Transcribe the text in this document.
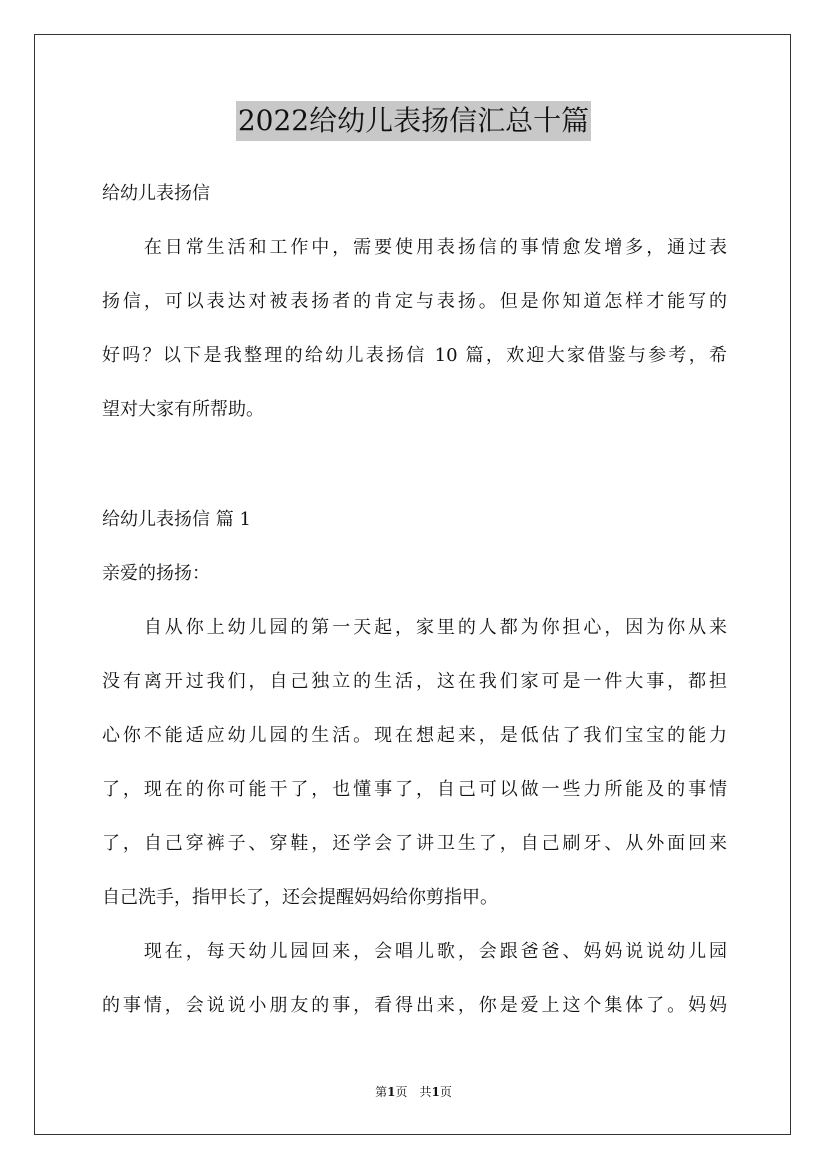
2022给幼儿表扬信汇总十篇
给幼儿表扬信
　　在日常生活和工作中，需要使用表扬信的事情愈发增多，通过表
扬信，可以表达对被表扬者的肯定与表扬。但是你知道怎样才能写的
好吗？以下是我整理的给幼儿表扬信 10 篇，欢迎大家借鉴与参考，希
望对大家有所帮助。
给幼儿表扬信 篇 1
亲爱的扬扬：
　　自从你上幼儿园的第一天起，家里的人都为你担心，因为你从来
没有离开过我们，自己独立的生活，这在我们家可是一件大事，都担
心你不能适应幼儿园的生活。现在想起来，是低估了我们宝宝的能力
了，现在的你可能干了，也懂事了，自己可以做一些力所能及的事情
了，自己穿裤子、穿鞋，还学会了讲卫生了，自己刷牙、从外面回来
自己洗手，指甲长了，还会提醒妈妈给你剪指甲。
　　现在，每天幼儿园回来，会唱儿歌，会跟爸爸、妈妈说说幼儿园
的事情，会说说小朋友的事，看得出来，你是爱上这个集体了。妈妈
第1页　共1页
